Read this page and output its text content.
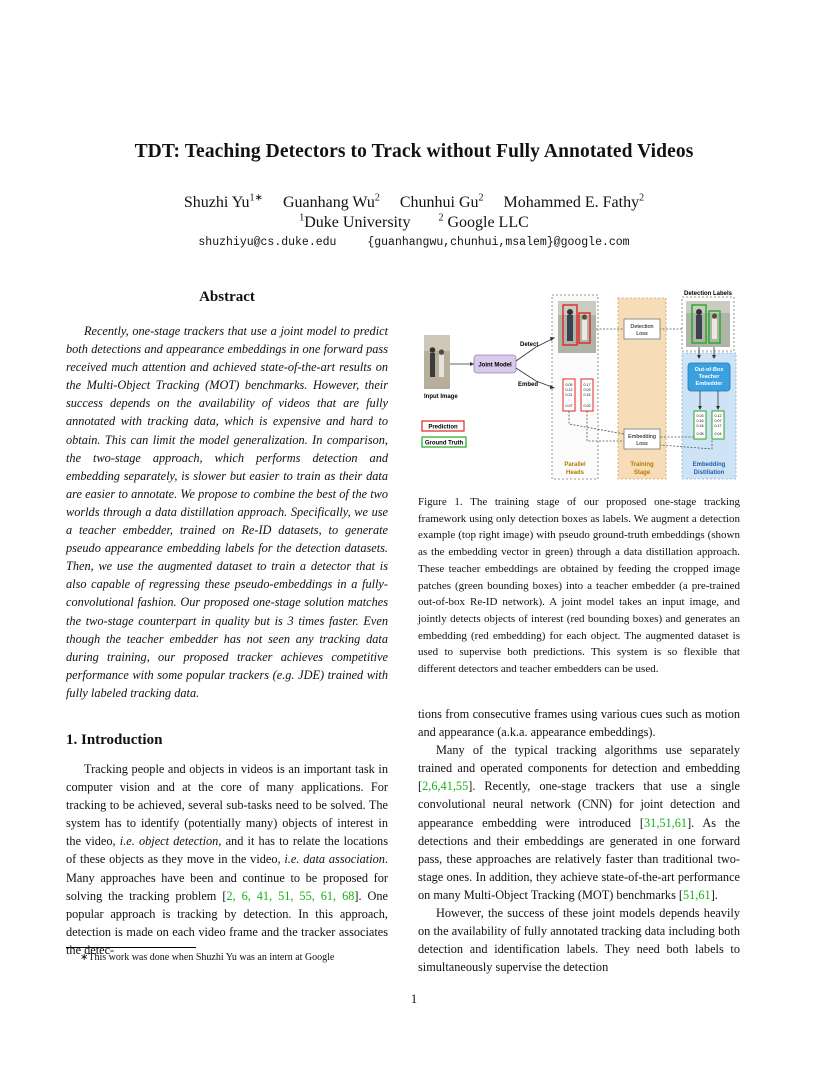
TDT: Teaching Detectors to Track without Fully Annotated Videos
Shuzhi $Yu^{1∗}$ Guanhang Wu$^2$ Chunhui Gu$^2$ Mohammed E. Fathy$^2$
$^1$Duke University	$^2$ Google LLC
shuzhiyu@cs.duke.edu	{guanhangwu,chunhui,msalem}@google.com
Abstract
Recently, one-stage trackers that use a joint model to predict both detections and appearance embeddings in one forward pass received much attention and achieved state-of-the-art results on the Multi-Object Tracking (MOT) benchmarks. However, their success depends on the availability of videos that are fully annotated with tracking data, which is expensive and hard to obtain. This can limit the model generalization. In comparison, the two-stage approach, which performs detection and embedding separately, is slower but easier to train as their data are easier to annotate. We propose to combine the best of the two worlds through a data distillation approach. Specifically, we use a teacher embedder, trained on Re-ID datasets, to generate pseudo appearance embedding labels for the detection datasets. Then, we use the augmented dataset to train a detector that is also capable of regressing these pseudo-embeddings in a fully-convolutional fashion. Our proposed one-stage solution matches the two-stage counterpart in quality but is 3 times faster. Even though the teacher embedder has not seen any tracking data during training, our proposed tracker achieves competitive performance with some popular trackers (e.g. JDE) trained with fully labeled tracking data.
1. Introduction

Tracking people and objects in videos is an important task in computer vision and at the core of many applications. For tracking to be achieved, several sub-tasks need to be solved. The system has to identify (potentially many) objects of interest in the video, i.e. object detection, and it has to relate the locations of these objects as they move in the video, i.e. data association. Many approaches have been and continue to be proposed for solving the tracking problem [2, 6, 41, 51, 55, 61, 68]. One popular approach is tracking by detection. In this approach, detection is made on each video frame and the tracker associates the detec-

∗This work was done when Shuzhi Yu was an intern at Google

tions from consecutive frames using various cues such as motion and appearance (a.k.a. appearance embeddings).

Many of the typical tracking algorithms use separately trained and operated components for detection and embedding [2,6,41,55]. Recently, one-stage trackers that use a single convolutional neural network (CNN) for joint detection and appearance embedding were introduced [31,51,61]. As the detections and their embeddings are generated in one forward pass, these approaches are relatively faster than traditional two-stage ones. In addition, they achieve state-of-the-art performance on many Multi-Object Tracking (MOT) benchmarks [51,61].

However, the success of these joint models depends heavily on the availability of fully annotated tracking data including both detection and identification labels. They need both labels to simultaneously supervise the detection

0.05
0.12
0.21
:
0.07
0.17
0.03
0.15
:
0.02
Detection
Loss
Embedding
Loss
Out-of-Box
Teacher
Embedder
0.03
0.16
0.18
0.08
0.12
0.07
0.17
0.04
Prediction
Ground Truth
Detection Labels
Detect
Embed
Joint Model
Input Image
Parallel
Heads
Training
Stage
Embedding
Distillation
Figure 1. The training stage of our proposed one-stage tracking framework using only detection boxes as labels. We augment a detection example (top right image) with pseudo ground-truth embeddings (shown as the embedding vector in green) through a data distillation approach. These teacher embeddings are obtained by feeding the cropped image patches (green bounding boxes) into a teacher embedder (a pre-trained out-of-box Re-ID network). A joint model takes an input image, and jointly detects objects of interest (red bounding boxes) and generates an embedding (red embedding) for each object. The augmented dataset is used to supervise both predictions. This system is so flexible that different detectors and teacher embedders can be used.
1
